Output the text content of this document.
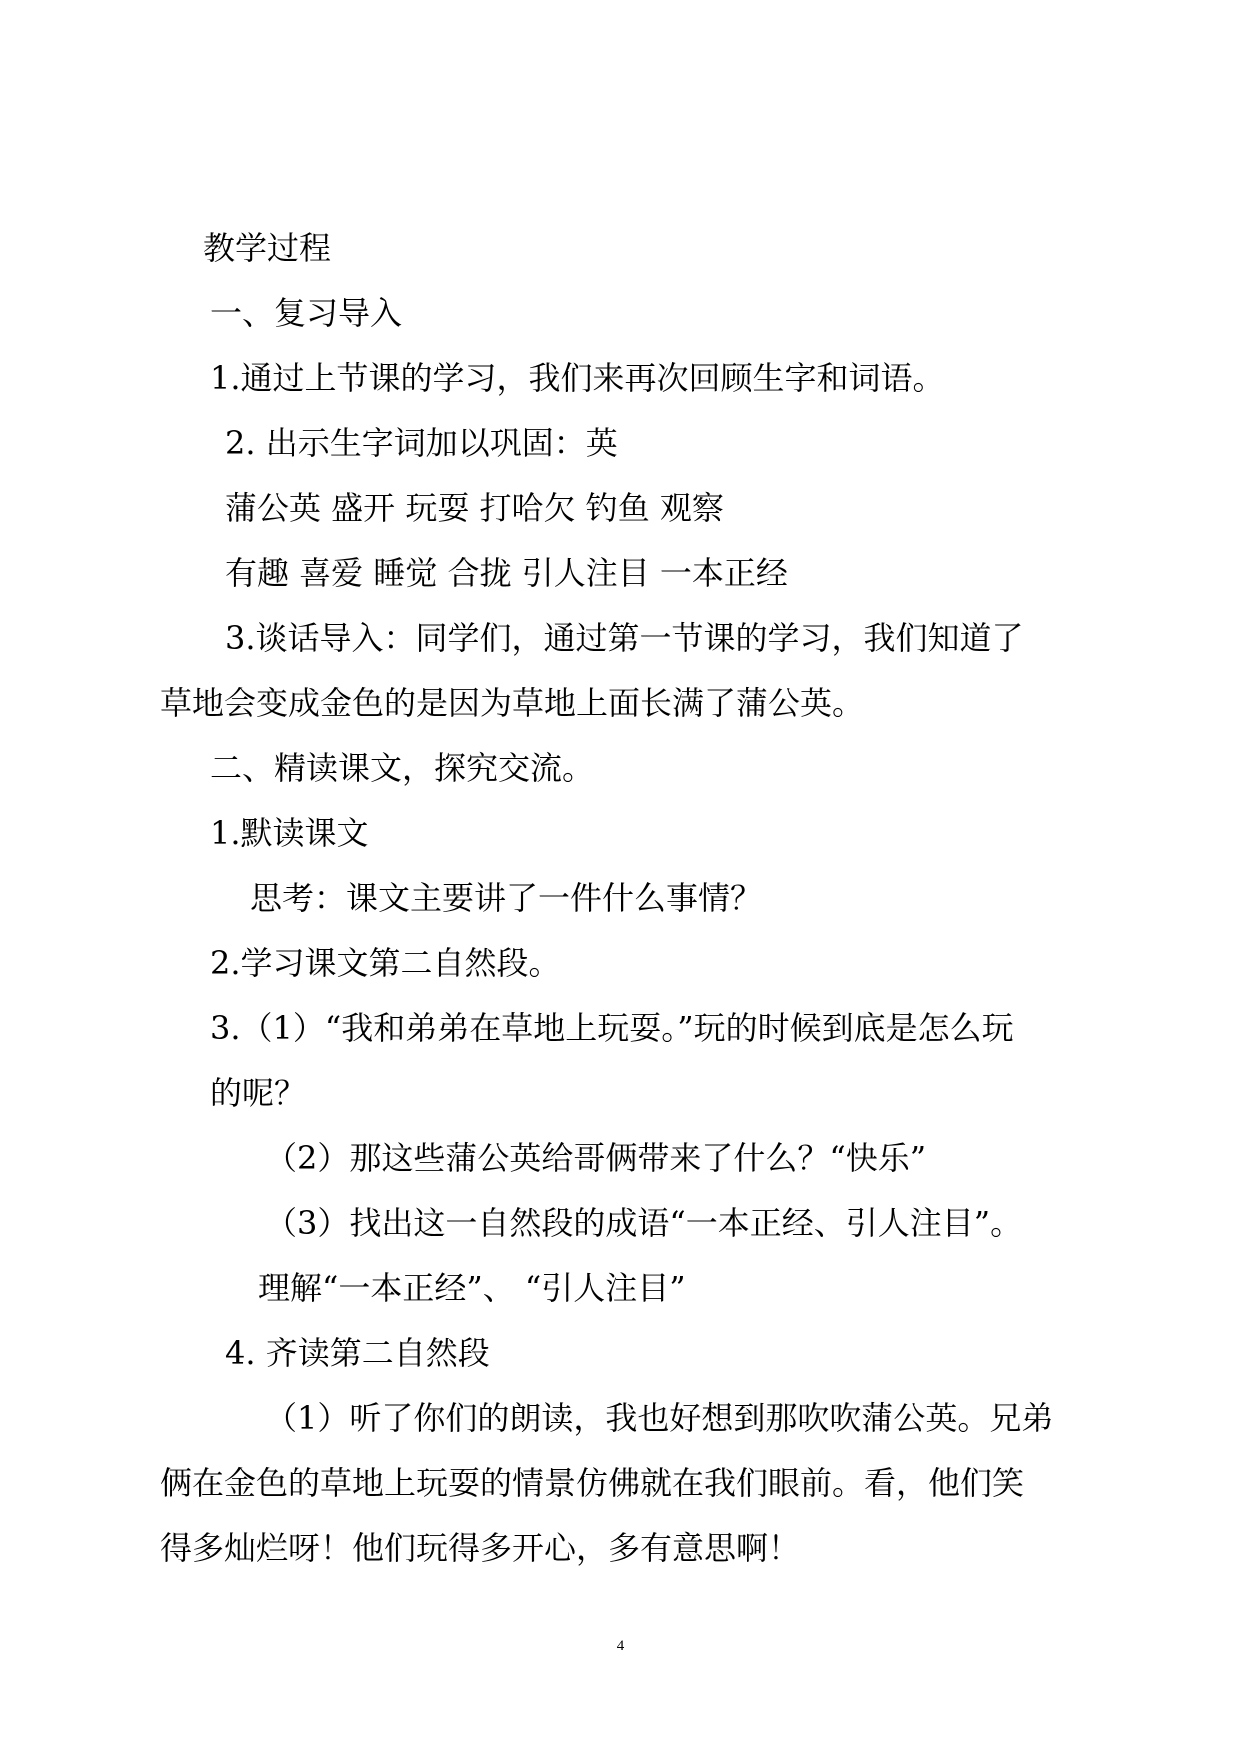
教学过程
一、复习导入
1.通过上节课的学习，我们来再次回顾生字和词语。
2. 出示生字词加以巩固：英
蒲公英 盛开 玩耍 打哈欠 钓鱼 观察
有趣 喜爱 睡觉 合拢 引人注目 一本正经
3.谈话导入：同学们，通过第一节课的学习，我们知道了
草地会变成金色的是因为草地上面长满了蒲公英。
二、精读课文，探究交流。
1.默读课文
思考：课文主要讲了一件什么事情？
2.学习课文第二自然段。
3.（1）“我和弟弟在草地上玩耍。”玩的时候到底是怎么玩
的呢？
（2）那这些蒲公英给哥俩带来了什么？“快乐”
（3）找出这一自然段的成语“一本正经、引人注目”。
理解“一本正经”、 “引人注目”
4. 齐读第二自然段
（1）听了你们的朗读，我也好想到那吹吹蒲公英。兄弟
俩在金色的草地上玩耍的情景仿佛就在我们眼前。看，他们笑
得多灿烂呀！他们玩得多开心，多有意思啊！
4
